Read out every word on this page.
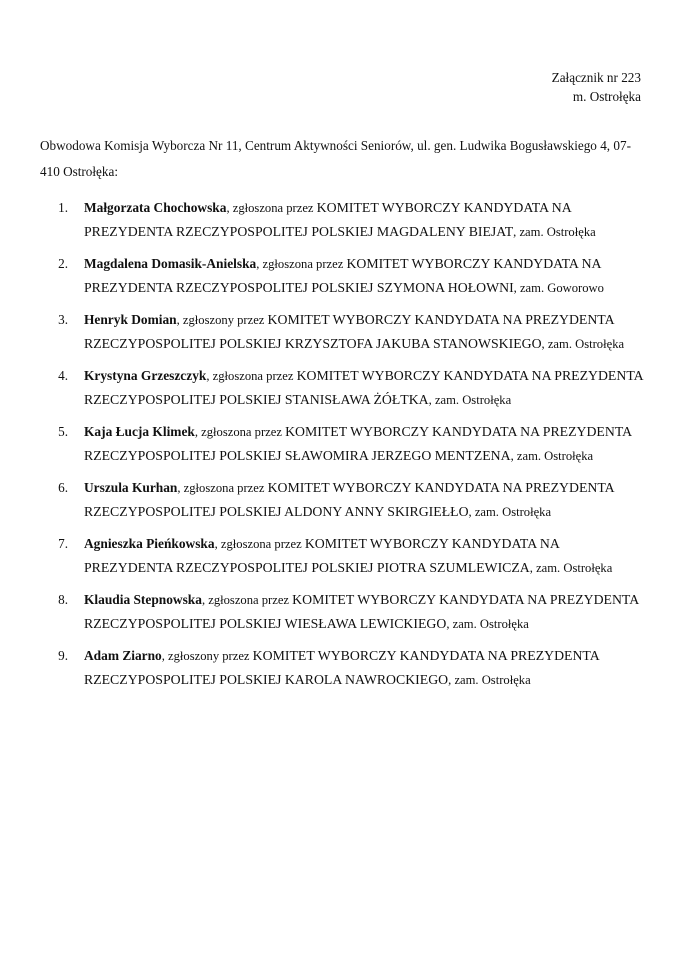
Załącznik nr 223
m. Ostrołęka

Obwodowa Komisja Wyborcza Nr 11, Centrum Aktywności Seniorów, ul. gen. Ludwika Bogusławskiego 4, 07-410 Ostrołęka:

1. Małgorzata Chochowska, zgłoszona przez KOMITET WYBORCZY KANDYDATA NA PREZYDENTA RZECZYPOSPOLITEJ POLSKIEJ MAGDALENY BIEJAT, zam. Ostrołęka
2. Magdalena Domasik-Anielska, zgłoszona przez KOMITET WYBORCZY KANDYDATA NA PREZYDENTA RZECZYPOSPOLITEJ POLSKIEJ SZYMONA HOŁOWNI, zam. Goworowo
3. Henryk Domian, zgłoszony przez KOMITET WYBORCZY KANDYDATA NA PREZYDENTA RZECZYPOSPOLITEJ POLSKIEJ KRZYSZTOFA JAKUBA STANOWSKIEGO, zam. Ostrołęka
4. Krystyna Grzeszczyk, zgłoszona przez KOMITET WYBORCZY KANDYDATA NA PREZYDENTA RZECZYPOSPOLITEJ POLSKIEJ STANISŁAWA ŻÓŁTKA, zam. Ostrołęka
5. Kaja Łucja Klimek, zgłoszona przez KOMITET WYBORCZY KANDYDATA NA PREZYDENTA RZECZYPOSPOLITEJ POLSKIEJ SŁAWOMIRA JERZEGO MENTZENA, zam. Ostrołęka
6. Urszula Kurhan, zgłoszona przez KOMITET WYBORCZY KANDYDATA NA PREZYDENTA RZECZYPOSPOLITEJ POLSKIEJ ALDONY ANNY SKIRGIEŁŁO, zam. Ostrołęka
7. Agnieszka Pieńkowska, zgłoszona przez KOMITET WYBORCZY KANDYDATA NA PREZYDENTA RZECZYPOSPOLITEJ POLSKIEJ PIOTRA SZUMLEWICZA, zam. Ostrołęka
8. Klaudia Stepnowska, zgłoszona przez KOMITET WYBORCZY KANDYDATA NA PREZYDENTA RZECZYPOSPOLITEJ POLSKIEJ WIESŁAWA LEWICKIEGO, zam. Ostrołęka
9. Adam Ziarno, zgłoszony przez KOMITET WYBORCZY KANDYDATA NA PREZYDENTA RZECZYPOSPOLITEJ POLSKIEJ KAROLA NAWROCKIEGO, zam. Ostrołęka
